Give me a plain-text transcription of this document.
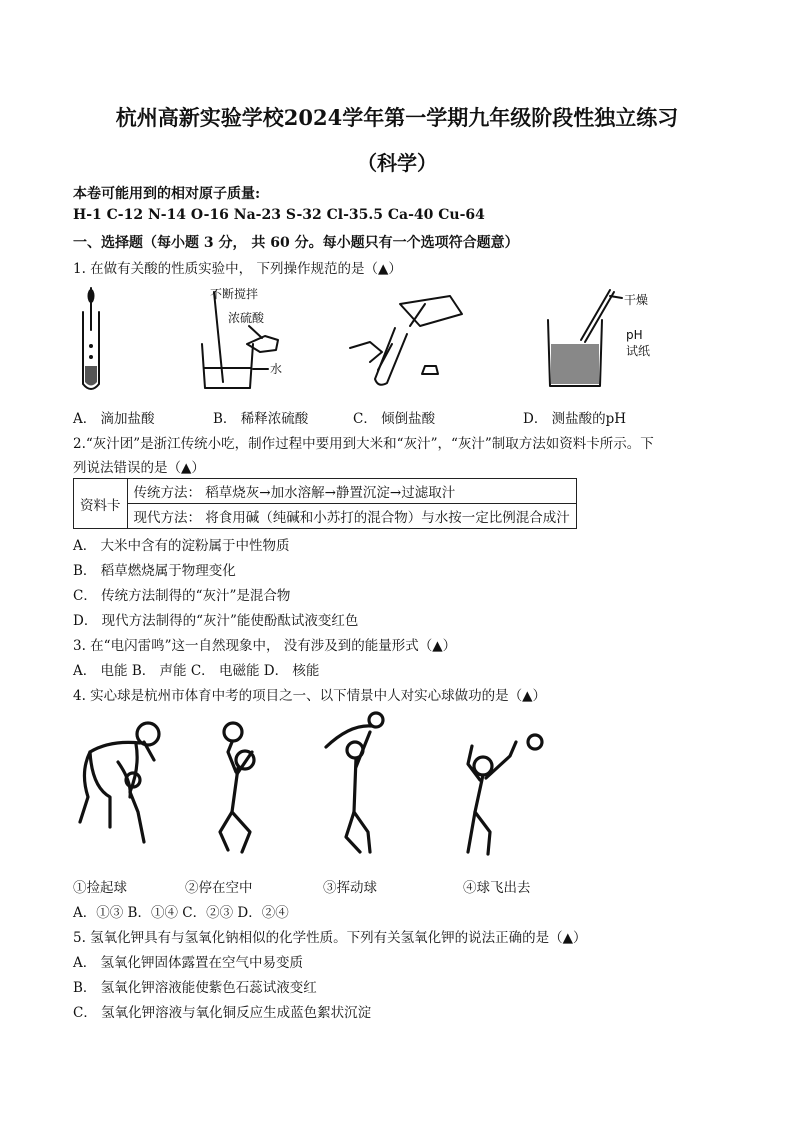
杭州高新实验学校2024学年第一学期九年级阶段性独立练习
（科学）
本卷可能用到的相对原子质量:
H-1 C-12 N-14 O-16 Na-23 S-32 Cl-35.5 Ca-40 Cu-64
一、选择题（每小题 3 分， 共 60 分。每小题只有一个选项符合题意）
1. 在做有关酸的性质实验中， 下列操作规范的是（▲）
水
不断搅拌
浓硫酸
干燥
pH
试纸
A． 滴加盐酸	B． 稀释浓硫酸	C． 倾倒盐酸	D． 测盐酸的pH
2.“灰汁团”是浙江传统小吃，制作过程中要用到大米和“灰汁”，“灰汁”制取方法如资料卡所示。下
列说法错误的是（▲）
资料卡	传统方法： 稻草烧灰→加水溶解→静置沉淀→过滤取汁
现代方法： 将食用碱（纯碱和小苏打的混合物）与水按一定比例混合成汁
A． 大米中含有的淀粉属于中性物质
B． 稻草燃烧属于物理变化
C． 传统方法制得的“灰汁”是混合物
D． 现代方法制得的“灰汁”能使酚酞试液变红色
3. 在“电闪雷鸣”这一自然现象中， 没有涉及到的能量形式（▲）
A． 电能 B． 声能 C． 电磁能 D． 核能
4. 实心球是杭州市体育中考的项目之一、以下情景中人对实心球做功的是（▲）
①捡起球	②停在空中	③挥动球	④球飞出去
A．①③ B．①④ C．②③ D．②④
5. 氢氧化钾具有与氢氧化钠相似的化学性质。下列有关氢氧化钾的说法正确的是（▲）
A． 氢氧化钾固体露置在空气中易变质
B． 氢氧化钾溶液能使紫色石蕊试液变红
C． 氢氧化钾溶液与氧化铜反应生成蓝色絮状沉淀
